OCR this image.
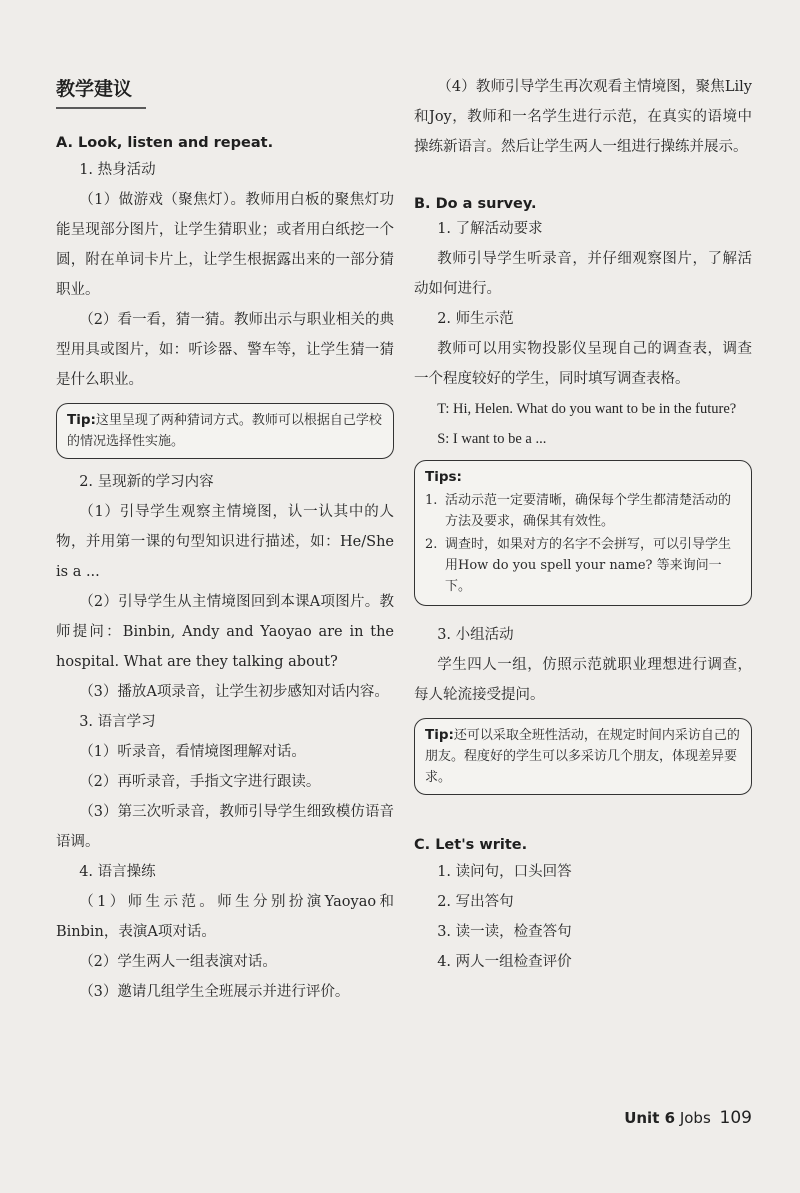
教学建议

A. Look, listen and repeat.

1. 热身活动

（1）做游戏（聚焦灯）。教师用白板的聚焦灯功能呈现部分图片，让学生猜职业；或者用白纸挖一个圆，附在单词卡片上，让学生根据露出来的一部分猜职业。

（2）看一看，猜一猜。教师出示与职业相关的典型用具或图片，如：听诊器、警车等，让学生猜一猜是什么职业。

Tip:这里呈现了两种猜词方式。教师可以根据自己学校的情况选择性实施。

2. 呈现新的学习内容

（1）引导学生观察主情境图，认一认其中的人物，并用第一课的句型知识进行描述，如：He/She is a ...

（2）引导学生从主情境图回到本课A项图片。教师提问：Binbin, Andy and Yaoyao are in the hospital. What are they talking about?

（3）播放A项录音，让学生初步感知对话内容。

3. 语言学习

（1）听录音，看情境图理解对话。

（2）再听录音，手指文字进行跟读。

（3）第三次听录音，教师引导学生细致模仿语音语调。

4. 语言操练

（1）师生示范。师生分别扮演Yaoyao和Binbin，表演A项对话。

（2）学生两人一组表演对话。

（3）邀请几组学生全班展示并进行评价。

（4）教师引导学生再次观看主情境图，聚焦Lily和Joy，教师和一名学生进行示范，在真实的语境中操练新语言。然后让学生两人一组进行操练并展示。

B. Do a survey.

1. 了解活动要求

教师引导学生听录音，并仔细观察图片，了解活动如何进行。

2. 师生示范

教师可以用实物投影仪呈现自己的调查表，调查一个程度较好的学生，同时填写调查表格。

T: Hi, Helen. What do you want to be in the future?

S: I want to be a ...

Tips:
1. 活动示范一定要清晰，确保每个学生都清楚活动的方法及要求，确保其有效性。
2. 调查时，如果对方的名字不会拼写，可以引导学生用How do you spell your name? 等来询问一下。

3. 小组活动

学生四人一组，仿照示范就职业理想进行调查，每人轮流接受提问。

Tip:还可以采取全班性活动，在规定时间内采访自己的朋友。程度好的学生可以多采访几个朋友，体现差异要求。

C. Let's write.

1. 读问句，口头回答

2. 写出答句

3. 读一读，检查答句

4. 两人一组检查评价

Unit 6 Jobs 109
